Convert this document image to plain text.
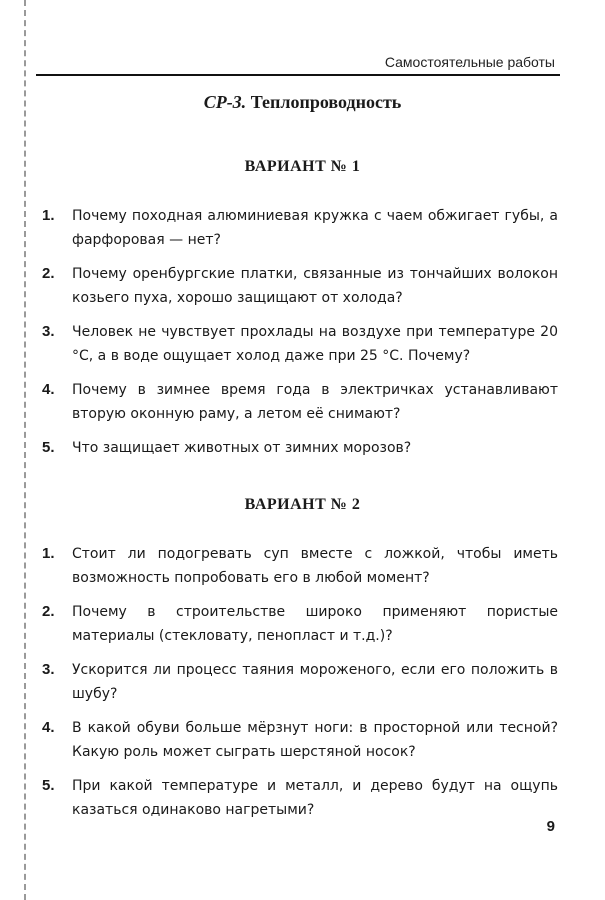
Самостоятельные работы
СР-3. Теплопроводность
ВАРИАНТ № 1
1. Почему походная алюминиевая кружка с чаем обжигает губы, а фарфоровая — нет?
2. Почему оренбургские платки, связанные из тончайших волокон козьего пуха, хорошо защищают от холода?
3. Человек не чувствует прохлады на воздухе при температуре 20 °С, а в воде ощущает холод даже при 25 °С. Почему?
4. Почему в зимнее время года в электричках устанавливают вторую оконную раму, а летом её снимают?
5. Что защищает животных от зимних морозов?
ВАРИАНТ № 2
1. Стоит ли подогревать суп вместе с ложкой, чтобы иметь возможность попробовать его в любой момент?
2. Почему в строительстве широко применяют пористые материалы (стекловату, пенопласт и т.д.)?
3. Ускорится ли процесс таяния мороженого, если его положить в шубу?
4. В какой обуви больше мёрзнут ноги: в просторной или тесной? Какую роль может сыграть шерстяной носок?
5. При какой температуре и металл, и дерево будут на ощупь казаться одинаково нагретыми?
9
